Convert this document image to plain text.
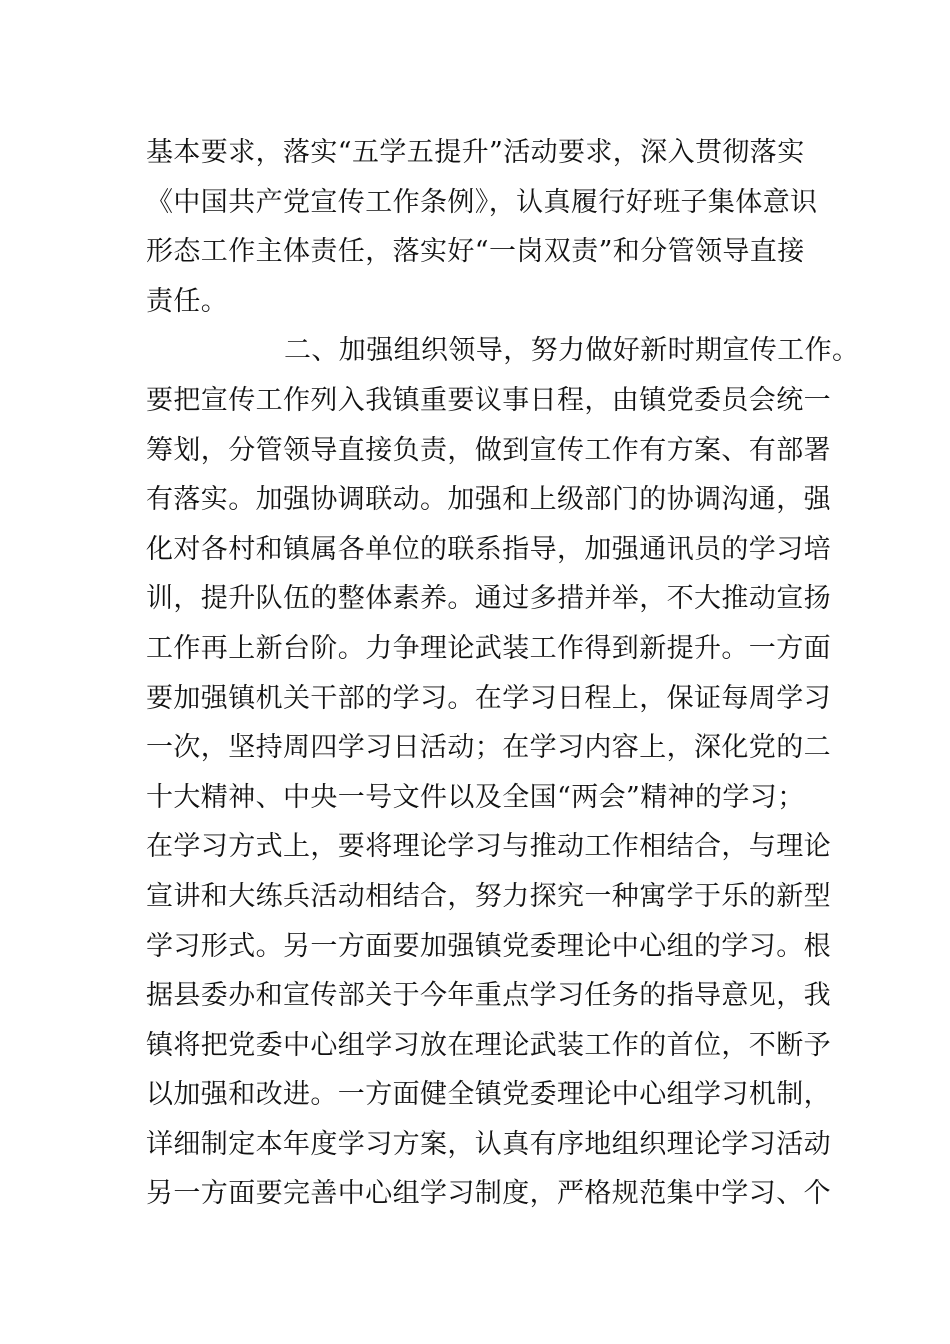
基本要求，落实“五学五提升”活动要求，深入贯彻落实
《中国共产党宣传工作条例》，认真履行好班子集体意识
形态工作主体责任，落实好“一岗双责”和分管领导直接
责任。
二、加强组织领导，努力做好新时期宣传工作。
要把宣传工作列入我镇重要议事日程，由镇党委员会统一
筹划，分管领导直接负责，做到宣传工作有方案、有部署
有落实。加强协调联动。加强和上级部门的协调沟通，强
化对各村和镇属各单位的联系指导，加强通讯员的学习培
训，提升队伍的整体素养。通过多措并举，不大推动宣扬
工作再上新台阶。力争理论武装工作得到新提升。一方面
要加强镇机关干部的学习。在学习日程上，保证每周学习
一次，坚持周四学习日活动；在学习内容上，深化党的二
十大精神、中央一号文件以及全国“两会”精神的学习；
在学习方式上，要将理论学习与推动工作相结合，与理论
宣讲和大练兵活动相结合，努力探究一种寓学于乐的新型
学习形式。另一方面要加强镇党委理论中心组的学习。根
据县委办和宣传部关于今年重点学习任务的指导意见，我
镇将把党委中心组学习放在理论武装工作的首位，不断予
以加强和改进。一方面健全镇党委理论中心组学习机制，
详细制定本年度学习方案，认真有序地组织理论学习活动
另一方面要完善中心组学习制度，严格规范集中学习、个
